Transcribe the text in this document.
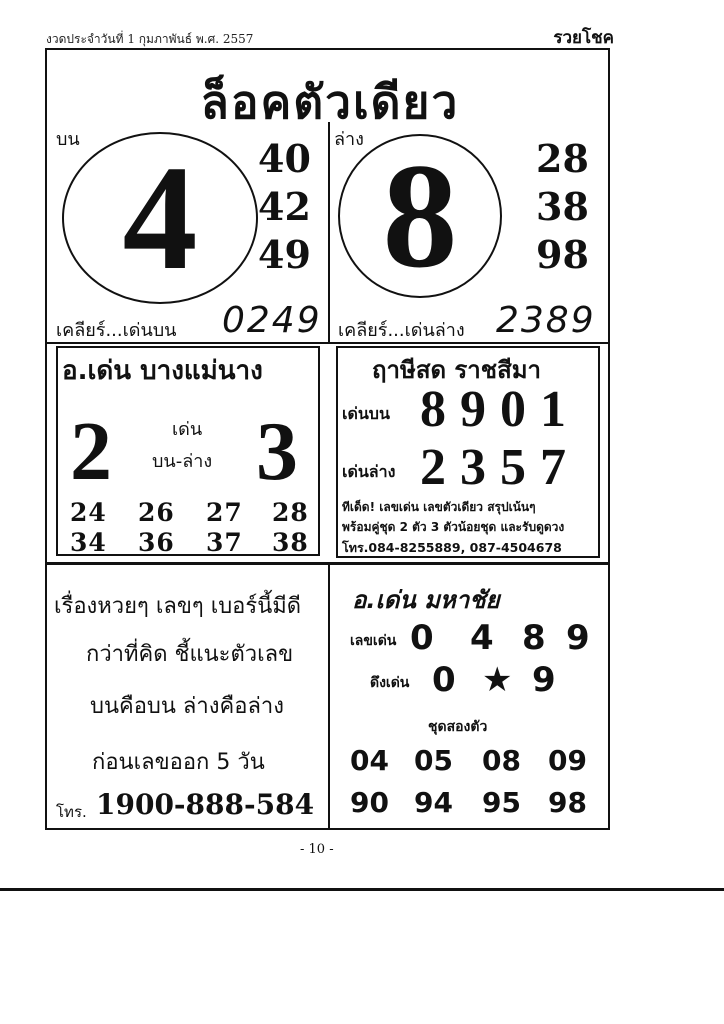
งวดประจำวันที่ 1 กุมภาพันธ์ พ.ศ. 2557	รวยโชค
ล็อคตัวเดียว
บน 4 40
42
49
เคลียร์...เด่นบน 0249
ล่าง 8 28
38
98
เคลียร์...เด่นล่าง 2389
อ.เด่น บางแม่นาง
2 3
เด่น
บน-ล่าง
24 26 27 28
34 36 37 38
ฤาษีสด ราชสีมา
เด่นบน 8901
เด่นล่าง 2357
ทีเด็ด! เลขเด่น เลขตัวเดียว สรุปเน้นๆ
พร้อมคู่ชุด 2 ตัว 3 ตัวน้อยชุด และรับดูดวง
โทร.084-8255889, 087-4504678
เรื่องหวยๆ เลขๆ เบอร์นี้มีดี
กว่าที่คิด ชี้แนะตัวเลข
บนคือบน ล่างคือล่าง
ก่อนเลขออก 5 วัน
โทร. 1900-888-584
อ.เด่น มหาชัย
เลขเด่น 0 4 8 9
ดึงเด่น 0 ★ 9
ชุดสองตัว
04 05 08 09
90 94 95 98
- 10 -
